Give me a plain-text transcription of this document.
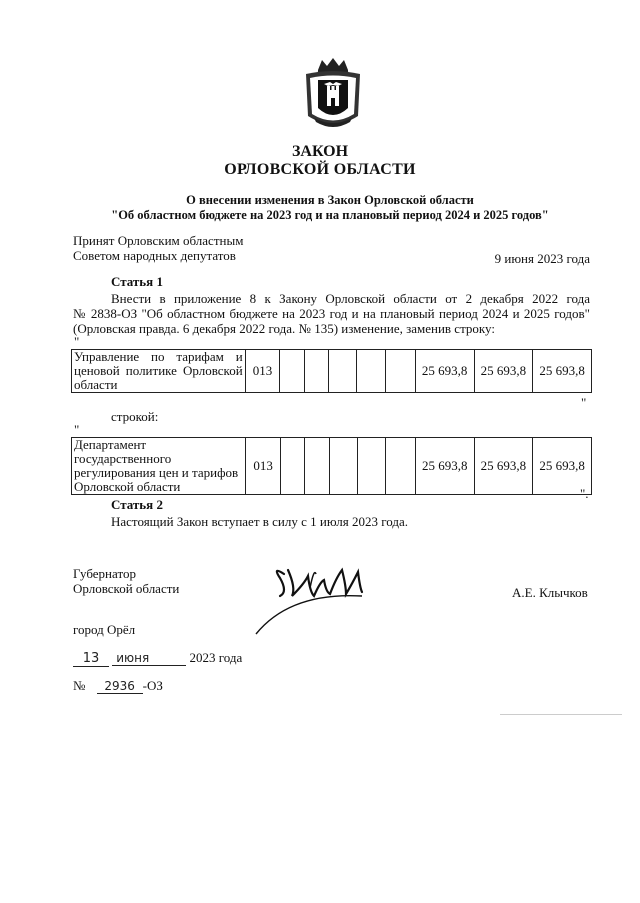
ЗАКОН
ОРЛОВСКОЙ ОБЛАСТИ
О внесении изменения в Закон Орловской области
"Об областном бюджете на 2023 год и на плановый период 2024 и 2025 годов"
Принят Орловским областным
Советом народных депутатов	9 июня 2023 года
Статья 1
Внести в приложение 8 к Закону Орловской области от 2 декабря 2022 года
№ 2838-ОЗ "Об областном бюджете на 2023 год и на плановый период 2024 и 2025 годов"
(Орловская правда. 6 декабря 2022 года. № 135) изменение, заменив строку:
"
Управление по тарифам и ценовой политике Орловской области	013						25 693,8	25 693,8	25 693,8
"
строкой:
"
Департамент государственного регулирования цен и тарифов Орловской области	013						25 693,8	25 693,8	25 693,8
".
Статья 2
Настоящий Закон вступает в силу с 1 июля 2023 года.
Губернатор
Орловской области	А.Е. Клычков
город Орёл
13 июня	2023 года
№ 2936 -ОЗ
